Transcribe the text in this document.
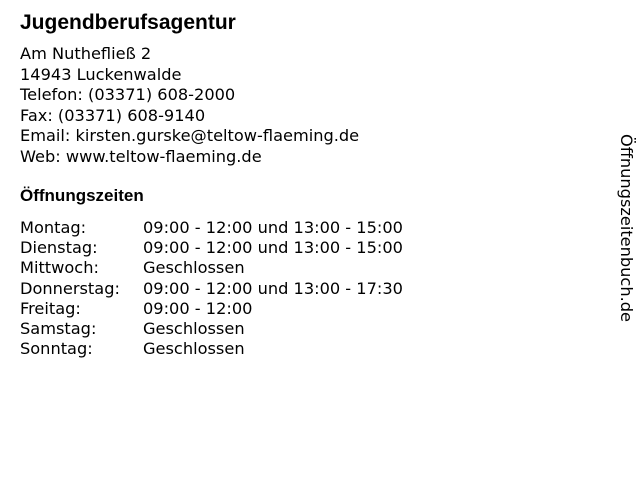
Jugendberufsagentur
Am Nuthefließ 2
14943 Luckenwalde
Telefon: (03371) 608-2000
Fax: (03371) 608-9140
Email: kirsten.gurske@teltow-flaeming.de
Web: www.teltow-flaeming.de
Öffnungszeiten
Montag:	09:00 - 12:00 und 13:00 - 15:00
Dienstag:	09:00 - 12:00 und 13:00 - 15:00
Mittwoch:	Geschlossen
Donnerstag:	09:00 - 12:00 und 13:00 - 17:30
Freitag:	09:00 - 12:00
Samstag:	Geschlossen
Sonntag:	Geschlossen
Öffnungszeitenbuch.de
